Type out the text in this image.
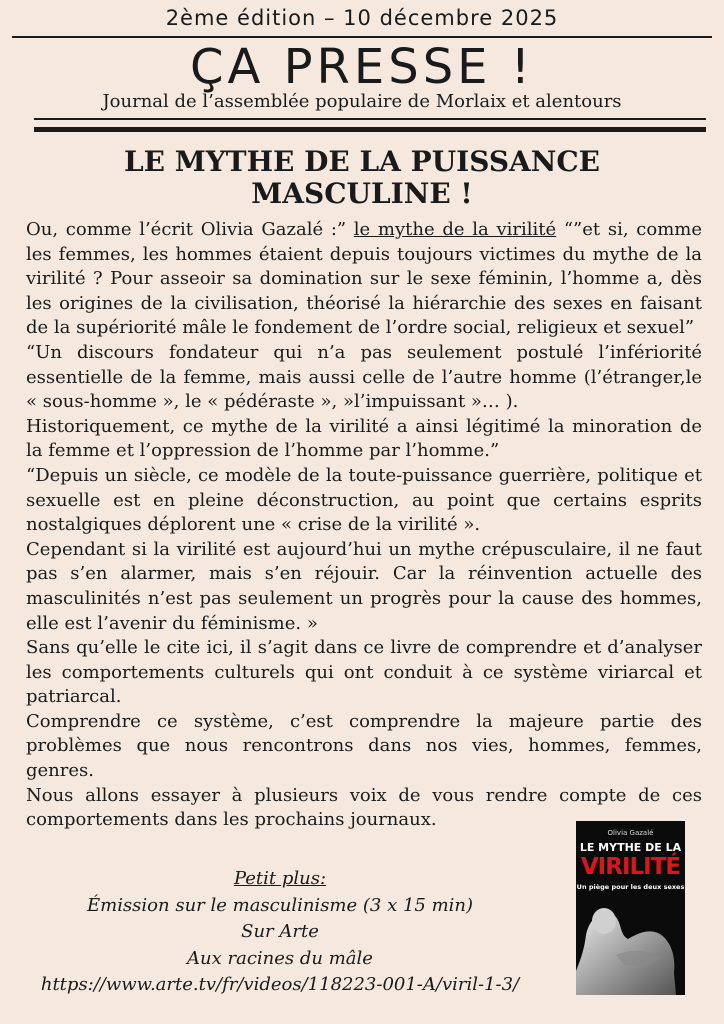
2ème édition – 10 décembre 2025
ÇA PRESSE !
Journal de l’assemblée populaire de Morlaix et alentours
LE MYTHE DE LA PUISSANCE MASCULINE !

Ou, comme l’écrit Olivia Gazalé :” le mythe de la virilité “”et si, comme les femmes, les hommes étaient depuis toujours victimes du mythe de la virilité ? Pour asseoir sa domination sur le sexe féminin, l’homme a, dès les origines de la civilisation, théorisé la hiérarchie des sexes en faisant de la supériorité mâle le fondement de l’ordre social, religieux et sexuel”

“Un discours fondateur qui n’a pas seulement postulé l’infériorité essentielle de la femme, mais aussi celle de l’autre homme (l’étranger,le « sous-homme », le « pédéraste », »l’impuissant »… ).

Historiquement, ce mythe de la virilité a ainsi légitimé la minoration de la femme et l’oppression de l’homme par l’homme.”

“Depuis un siècle, ce modèle de la toute-puissance guerrière, politique et sexuelle est en pleine déconstruction, au point que certains esprits nostalgiques déplorent une « crise de la virilité ».

Cependant si la virilité est aujourd’hui un mythe crépusculaire, il ne faut pas s’en alarmer, mais s’en réjouir. Car la réinvention actuelle des masculinités n’est pas seulement un progrès pour la cause des hommes, elle est l’avenir du féminisme. »

Sans qu’elle le cite ici, il s’agit dans ce livre de comprendre et d’analyser les comportements culturels qui ont conduit à ce système viriarcal et patriarcal.

Comprendre ce système, c’est comprendre la majeure partie des problèmes que nous rencontrons dans nos vies, hommes, femmes, genres.

Nous allons essayer à plusieurs voix de vous rendre compte de ces comportements dans les prochains journaux.

Petit plus:
Émission sur le masculinisme (3 x 15 min)
Sur Arte
Aux racines du mâle
https://www.arte.tv/fr/videos/118223-001-A/viril-1-3/
Olivia Gazalé
LE MYTHE DE LA
VIRILITÉ
Un piège pour les deux sexes
